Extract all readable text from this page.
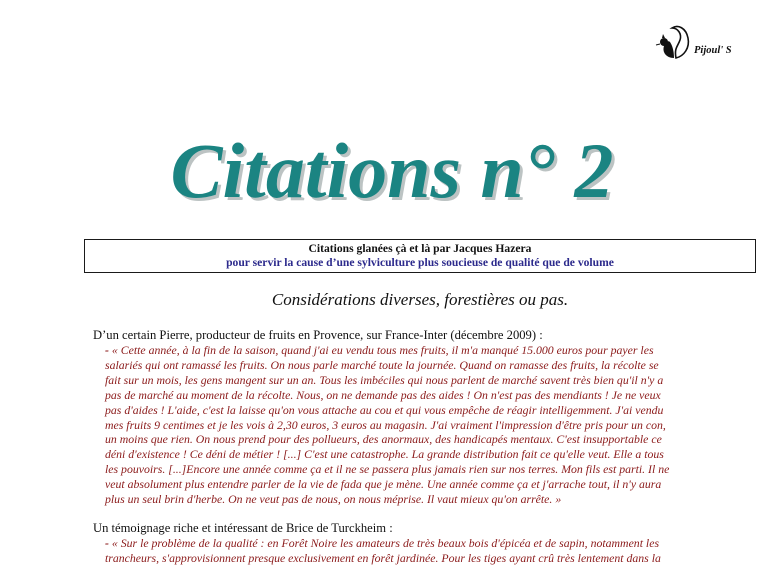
Pijoul' S
Citations n° 2
Citations glanées çà et là par Jacques Hazera
pour servir la cause d’une sylviculture plus soucieuse de qualité que de volume
Considérations diverses, forestières ou pas.
D’un certain Pierre, producteur de fruits en Provence, sur France-Inter (décembre 2009) :
- « Cette année, à la fin de la saison, quand j'ai eu vendu tous mes fruits, il m'a manqué 15.000 euros pour payer les
salariés qui ont ramassé les fruits. On nous parle marché toute la journée. Quand on ramasse des fruits, la récolte se
fait sur un mois, les gens mangent sur un an. Tous les imbéciles qui nous parlent de marché savent très bien qu'il n'y a
pas de marché au moment de la récolte. Nous, on ne demande pas des aides ! On n'est pas des mendiants ! Je ne veux
pas d'aides ! L'aide, c'est la laisse qu'on vous attache au cou et qui vous empêche de réagir intelligemment. J'ai vendu
mes fruits 9 centimes et je les vois à 2,30 euros, 3 euros au magasin. J'ai vraiment l'impression d'être pris pour un con,
un moins que rien. On nous prend pour des pollueurs, des anormaux, des handicapés mentaux. C'est insupportable ce
déni d'existence ! Ce déni de métier ! [...] C'est une catastrophe. La grande distribution fait ce qu'elle veut. Elle a tous
les pouvoirs. [...]Encore une année comme ça et il ne se passera plus jamais rien sur nos terres. Mon fils est parti. Il ne
veut absolument plus entendre parler de la vie de fada que je mène. Une année comme ça et j'arrache tout, il n'y aura
plus un seul brin d'herbe. On ne veut pas de nous, on nous méprise. Il vaut mieux qu'on arrête. »
Un témoignage riche et intéressant de Brice de Turckheim :
- « Sur le problème de la qualité : en Forêt Noire les amateurs de très beaux bois d'épicéa et de sapin, notamment les
trancheurs, s'approvisionnent presque exclusivement en forêt jardinée. Pour les tiges ayant crû très lentement dans la
